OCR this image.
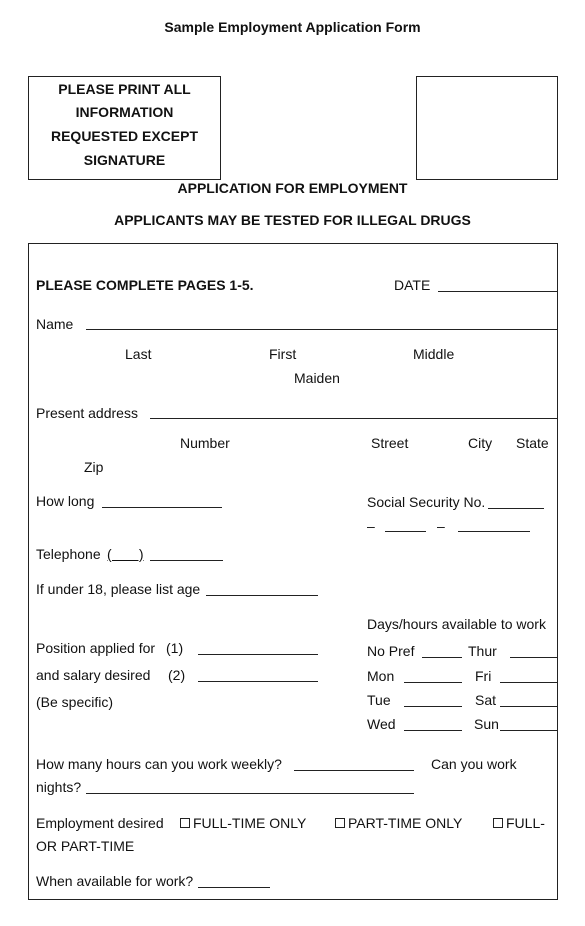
Sample Employment Application Form
PLEASE PRINT ALL
INFORMATION
REQUESTED EXCEPT
SIGNATURE
APPLICATION FOR EMPLOYMENT
APPLICANTS MAY BE TESTED FOR ILLEGAL DRUGS
PLEASE COMPLETE PAGES 1-5.	DATE
Name
Last	First	Middle
Maiden
Present address
Number	Street	City State
Zip
How long	Social Security No.
–	–
Telephone (       )
If under 18, please list age
Days/hours available to work
Position applied for (1)
and salary desired (2)
(Be specific)
No Pref	Thur
Mon	Fri
Tue	Sat
Wed	Sun
How many hours can you work weekly?	Can you work
nights?
Employment desired	FULL-TIME ONLY	PART-TIME ONLY	FULL-
OR PART-TIME
When available for work?
